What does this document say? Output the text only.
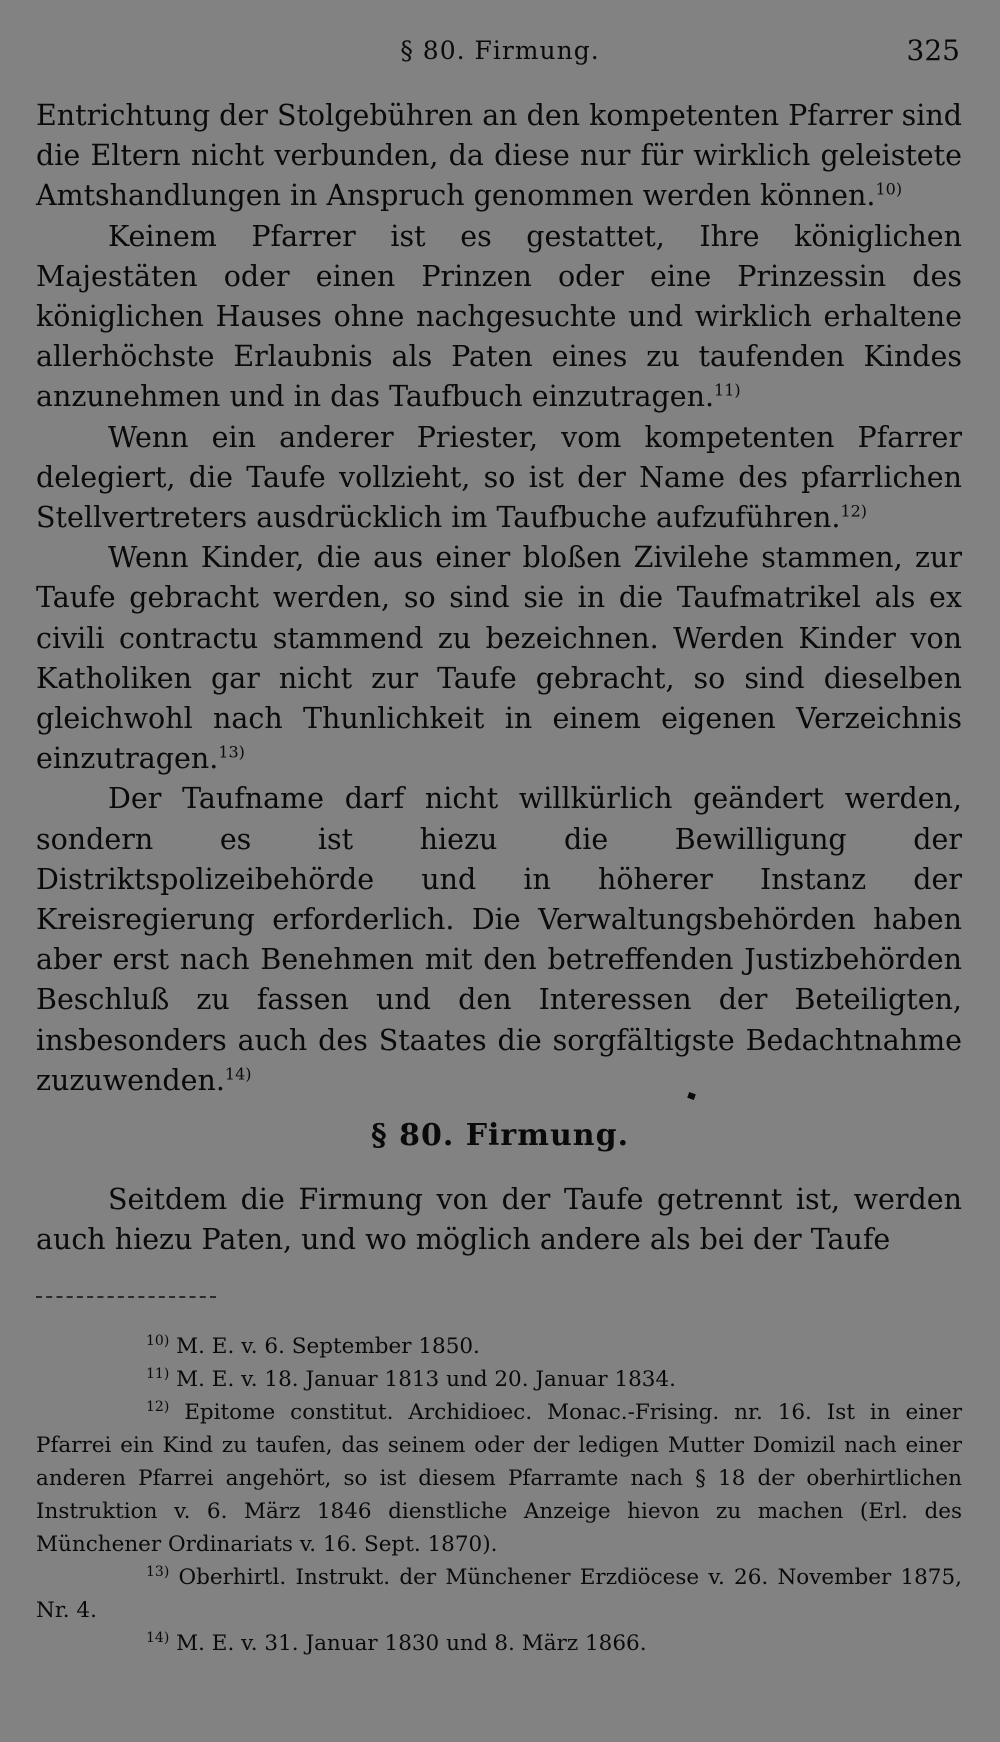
§ 80. Firmung.	325

Entrichtung der Stolgebühren an den kompetenten Pfarrer sind die Eltern nicht verbunden, da diese nur für wirklich geleistete Amtshandlungen in Anspruch genommen werden können.$^{10)}$

Keinem Pfarrer ist es gestattet, Ihre königlichen Majestäten oder einen Prinzen oder eine Prinzessin des königlichen Hauses ohne nachgesuchte und wirklich erhaltene allerhöchste Erlaubnis als Paten eines zu taufenden Kindes anzunehmen und in das Taufbuch einzutragen.$^{11)}$

Wenn ein anderer Priester, vom kompetenten Pfarrer delegiert, die Taufe vollzieht, so ist der Name des pfarrlichen Stellvertreters ausdrücklich im Taufbuche aufzuführen.$^{12)}$

Wenn Kinder, die aus einer bloßen Zivilehe stammen, zur Taufe gebracht werden, so sind sie in die Taufmatrikel als ex civili contractu stammend zu bezeichnen. Werden Kinder von Katholiken gar nicht zur Taufe gebracht, so sind dieselben gleichwohl nach Thunlichkeit in einem eigenen Verzeichnis einzutragen.$^{13)}$

Der Taufname darf nicht willkürlich geändert werden, sondern es ist hiezu die Bewilligung der Distriktspolizeibehörde und in höherer Instanz der Kreisregierung erforderlich. Die Verwaltungsbehörden haben aber erst nach Benehmen mit den betreffenden Justizbehörden Beschluß zu fassen und den Interessen der Beteiligten, insbesonders auch des Staates die sorgfältigste Bedachtnahme zuzuwenden.$^{14)}$

§ 80. Firmung.

Seitdem die Firmung von der Taufe getrennt ist, werden auch hiezu Paten, und wo möglich andere als bei der Taufe

$^{10)}$ M. E. v. 6. September 1850.

$^{11)}$ M. E. v. 18. Januar 1813 und 20. Januar 1834.

$^{12)}$ Epitome constitut. Archidioec. Monac.-Frising. nr. 16. Ist in einer Pfarrei ein Kind zu taufen, das seinem oder der ledigen Mutter Domizil nach einer anderen Pfarrei angehört, so ist diesem Pfarramte nach § 18 der oberhirtlichen Instruktion v. 6. März 1846 dienstliche Anzeige hievon zu machen (Erl. des Münchener Ordinariats v. 16. Sept. 1870).

$^{13)}$ Oberhirtl. Instrukt. der Münchener Erzdiöcese v. 26. November 1875, Nr. 4.

$^{14)}$ M. E. v. 31. Januar 1830 und 8. März 1866.
